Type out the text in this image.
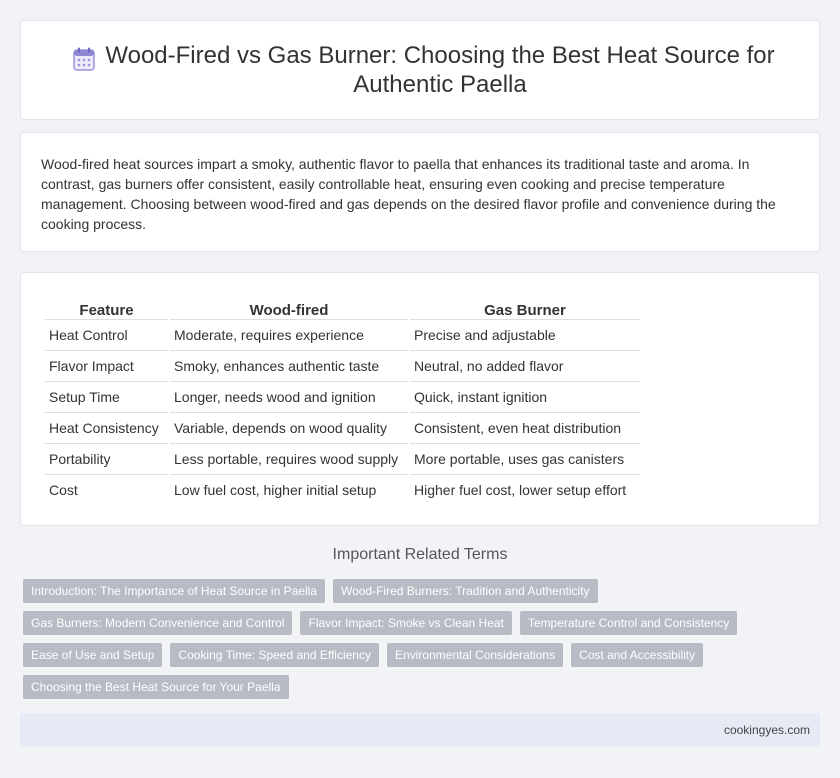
Wood-Fired vs Gas Burner: Choosing the Best Heat Source for Authentic Paella

Wood-fired heat sources impart a smoky, authentic flavor to paella that enhances its traditional taste and aroma. In contrast, gas burners offer consistent, easily controllable heat, ensuring even cooking and precise temperature management. Choosing between wood-fired and gas depends on the desired flavor profile and convenience during the cooking process.

Feature	Wood-fired	Gas Burner
Heat Control	Moderate, requires experience	Precise and adjustable
Flavor Impact	Smoky, enhances authentic taste	Neutral, no added flavor
Setup Time	Longer, needs wood and ignition	Quick, instant ignition
Heat Consistency	Variable, depends on wood quality	Consistent, even heat distribution
Portability	Less portable, requires wood supply	More portable, uses gas canisters
Cost	Low fuel cost, higher initial setup	Higher fuel cost, lower setup effort
Important Related Terms
Introduction: The Importance of Heat Source in Paella	Wood-Fired Burners: Tradition and Authenticity
Gas Burners: Modern Convenience and Control	Flavor Impact: Smoke vs Clean Heat	Temperature Control and Consistency
Ease of Use and Setup	Cooking Time: Speed and Efficiency	Environmental Considerations	Cost and Accessibility
Choosing the Best Heat Source for Your Paella
cookingyes.com
